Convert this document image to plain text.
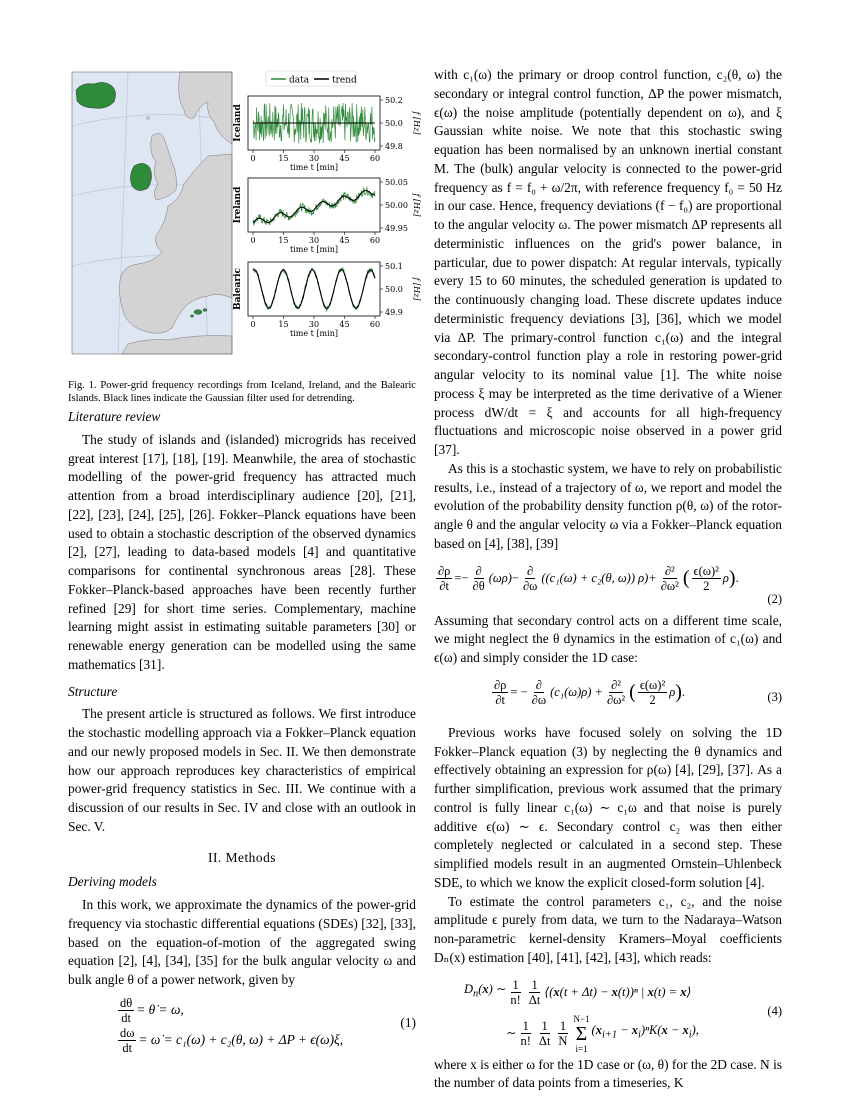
data	trend
Iceland
0	15	30	45	60
time t [min]
50.2
50.0
49.8
f [Hz]
Ireland
0	15	30	45	60
time t [min]
50.05
50.00
49.95
f [Hz]
Balearic
0	15	30	45	60
time t [min]
50.1
50.0
49.9
f [Hz]
Fig. 1. Power-grid frequency recordings from Iceland, Ireland, and the Balearic Islands. Black lines indicate the Gaussian filter used for detrending.
Literature review

The study of islands and (islanded) microgrids has received great interest [17], [18], [19]. Meanwhile, the area of stochastic modelling of the power-grid frequency has attracted much attention from a broad interdisciplinary audience [20], [21], [22], [23], [24], [25], [26]. Fokker–Planck equations have been used to obtain a stochastic description of the observed dynamics [2], [27], leading to data-based models [4] and quantitative comparisons for continental synchronous areas [28]. These Fokker–Planck-based approaches have been recently further refined [29] for short time series. Complementary, machine learning might assist in estimating suitable parameters [30] or renewable energy generation can be modelled using the same mathematics [31].

Structure

The present article is structured as follows. We first introduce the stochastic modelling approach via a Fokker–Planck equation and our newly proposed models in Sec. II. We then demonstrate how our approach reproduces key characteristics of empirical power-grid frequency statistics in Sec. III. We continue with a discussion of our results in Sec. IV and close with an outlook in Sec. V.

II. Methods
Deriving models

In this work, we approximate the dynamics of the power-grid frequency via stochastic differential equations (SDEs) [32], [33], based on the equation-of-motion of the aggregated swing equation [2], [4], [34], [35] for the bulk angular velocity ω and bulk angle θ of a power network, given by

$\frac{d\theta}{dt}$ = θ̇ = ω,
$\frac{d\omega}{dt}$ = ω̇ = c₁(ω) + c₂(θ, ω) + ΔP + ϵ(ω)ξ,
(1)

with c₁(ω) the primary or droop control function, c₂(θ, ω) the secondary or integral control function, ΔP the power mismatch, ϵ(ω) the noise amplitude (potentially dependent on ω), and ξ Gaussian white noise. We note that this stochastic swing equation has been normalised by an unknown inertial constant M. The (bulk) angular velocity is connected to the power-grid frequency as f = f₀ + ω/2π, with reference frequency f₀ = 50 Hz in our case. Hence, frequency deviations (f − f₀) are proportional to the angular velocity ω. The power mismatch ΔP represents all deterministic influences on the grid's power balance, in particular, due to power dispatch: At regular intervals, typically every 15 to 60 minutes, the scheduled generation is updated to the continuously changing load. These discrete updates induce deterministic frequency deviations [3], [36], which we model via ΔP. The primary-control function c₁(ω) and the integral secondary-control function play a role in restoring power-grid angular velocity to its nominal value [1]. The white noise process ξ may be interpreted as the time derivative of a Wiener process dW/dt = ξ and accounts for all high-frequency fluctuations and microscopic noise observed in a power grid [37].

As this is a stochastic system, we have to rely on probabilistic results, i.e., instead of a trajectory of ω, we report and model the evolution of the probability density function ρ(θ, ω) of the rotor-angle θ and the angular velocity ω via a Fokker–Planck equation based on [4], [38], [39]

$\frac{\partial\rho}{\partial t}$ = − $\frac{\partial}{\partial\theta} (\omega\rho) - \frac{\partial}{\partial\omega} ((c_1(\omega) + c_2(\theta$, ω)) $\rho)+ \frac{\text{∂²}}{\text{∂ω²}}$ ( $\frac{\text{ϵ(ω)²}}{2}$ ρ ) .
(2)

Assuming that secondary control acts on a different time scale, we might neglect the θ dynamics in the estimation of c₁(ω) and ϵ(ω) and simply consider the 1D case:

$\frac{\partial\rho}{\partial t}$ = − $\frac{\partial}{\partial\omega} (c_1(\omega)\rho) + \frac{\text{∂²}}{\text{∂ω²}}$ ( $\frac{\text{ϵ(ω)²}}{2}$ ρ ) .	(3)

Previous works have focused solely on solving the 1D Fokker–Planck equation (3) by neglecting the θ dynamics and effectively obtaining an expression for ρ(ω) [4], [29], [37]. As a further simplification, previous work assumed that the primary control is fully linear c₁(ω) ∼ c₁ω and that noise is purely additive ϵ(ω) ∼ ϵ. Secondary control c₂ was then either completely neglected or calculated in a second step. These simplified models result in an augmented Ornstein–Uhlenbeck SDE, to which we know the explicit closed-form solution [4].

To estimate the control parameters c₁, c₂, and the noise amplitude ϵ purely from data, we turn to the Nadaraya–Watson non-parametric kernel-density Kramers–Moyal coefficients Dₙ(x) estimation [40], [41], [42], [43], which reads:

$D_n(x)$ ∼ $\frac{1}{n!} \frac{1}{\Delta t}$ ⟨(x(t + Δt) − x(t))ⁿ | x(t) = x⟩
∼ $\frac{1}{n!} \frac{1}{\Delta t} \frac{1}{N}$
N−1
Σ
i=1
$(x_{i+1} - x_i)^nK(x - x_i)$,
(4)

where x is either ω for the 1D case or (ω, θ) for the 2D case. N is the number of data points from a timeseries, K
